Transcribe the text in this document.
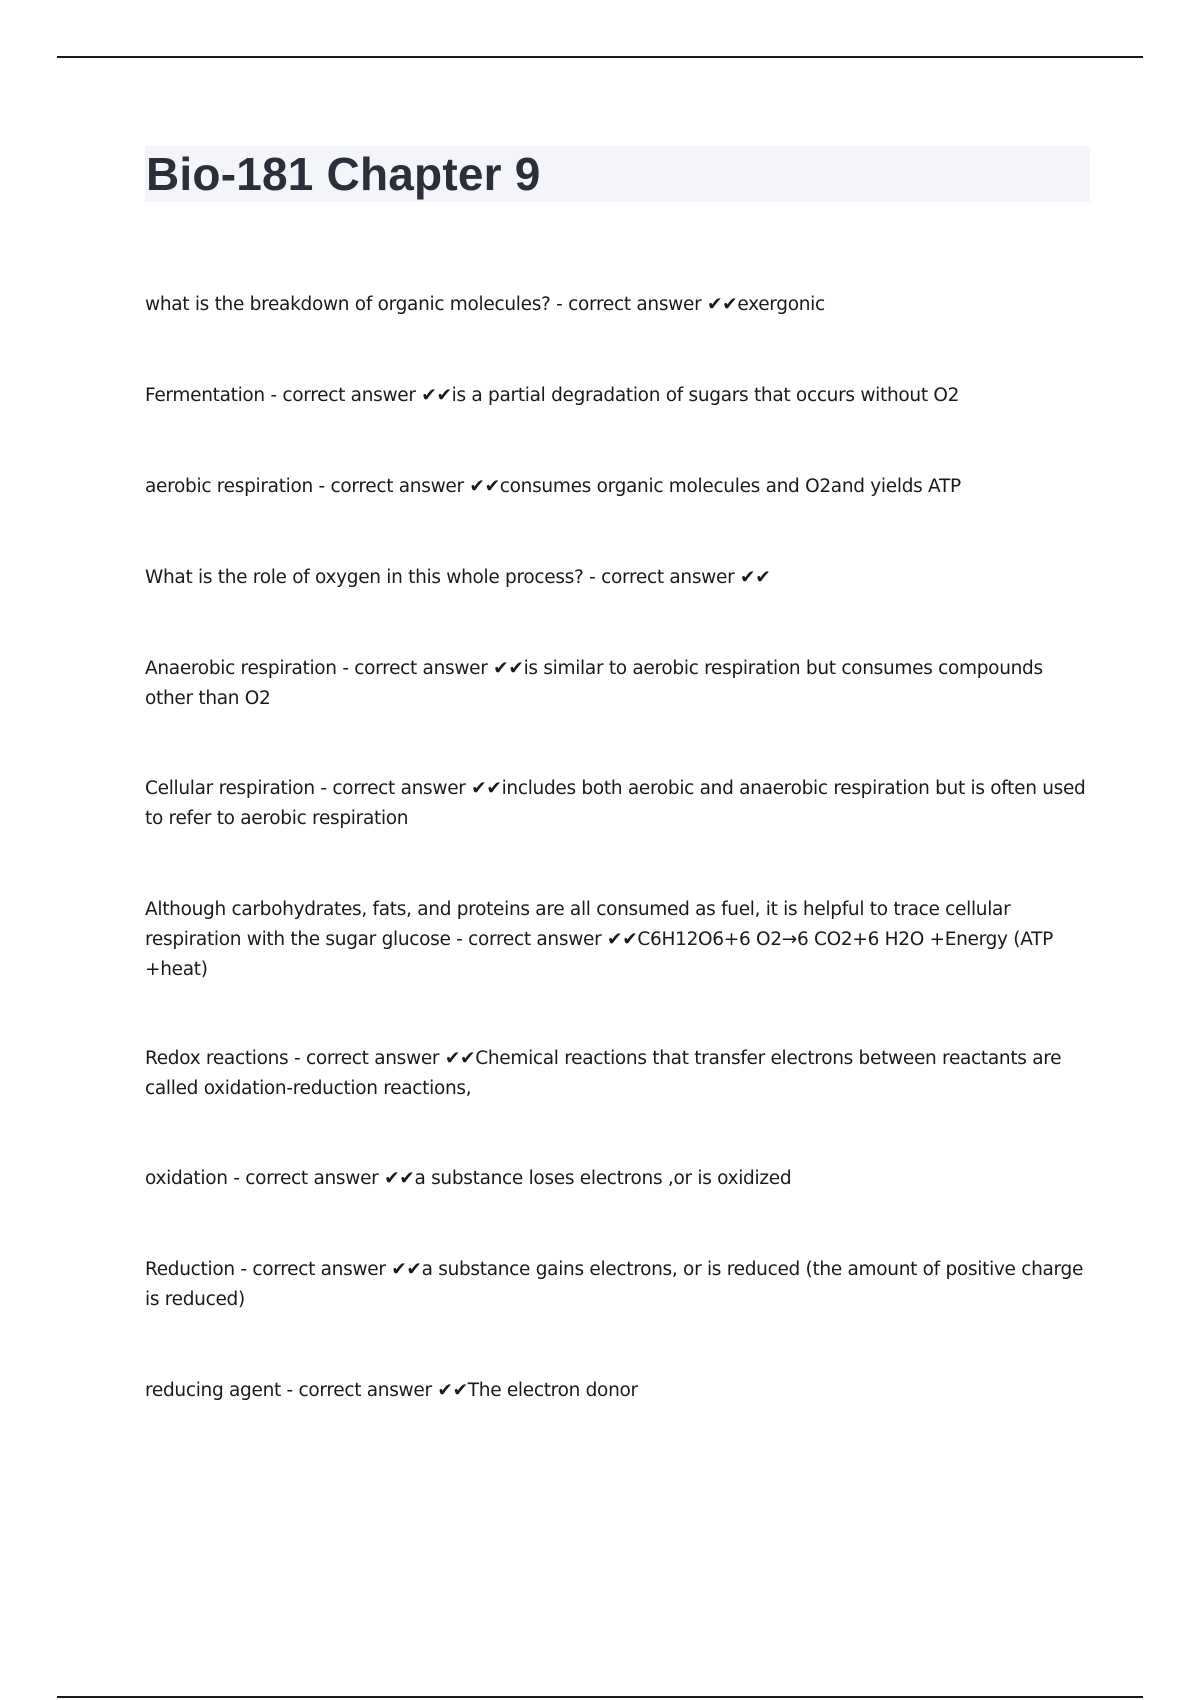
Bio-181 Chapter 9

what is the breakdown of organic molecules? - correct answer ✔✔exergonic

Fermentation - correct answer ✔✔is a partial degradation of sugars that occurs without O2

aerobic respiration - correct answer ✔✔consumes organic molecules and O2and yields ATP

What is the role of oxygen in this whole process? - correct answer ✔✔

Anaerobic respiration - correct answer ✔✔is similar to aerobic respiration but consumes compounds other than O2

Cellular respiration - correct answer ✔✔includes both aerobic and anaerobic respiration but is often used to refer to aerobic respiration

Although carbohydrates, fats, and proteins are all consumed as fuel, it is helpful to trace cellular respiration with the sugar glucose - correct answer ✔✔C6H12O6+6 O2→6 CO2+6 H2O +Energy (ATP +heat)

Redox reactions - correct answer ✔✔Chemical reactions that transfer electrons between reactants are called oxidation-reduction reactions,

oxidation - correct answer ✔✔a substance loses electrons ,or is oxidized

Reduction - correct answer ✔✔a substance gains electrons, or is reduced (the amount of positive charge is reduced)

reducing agent - correct answer ✔✔The electron donor
